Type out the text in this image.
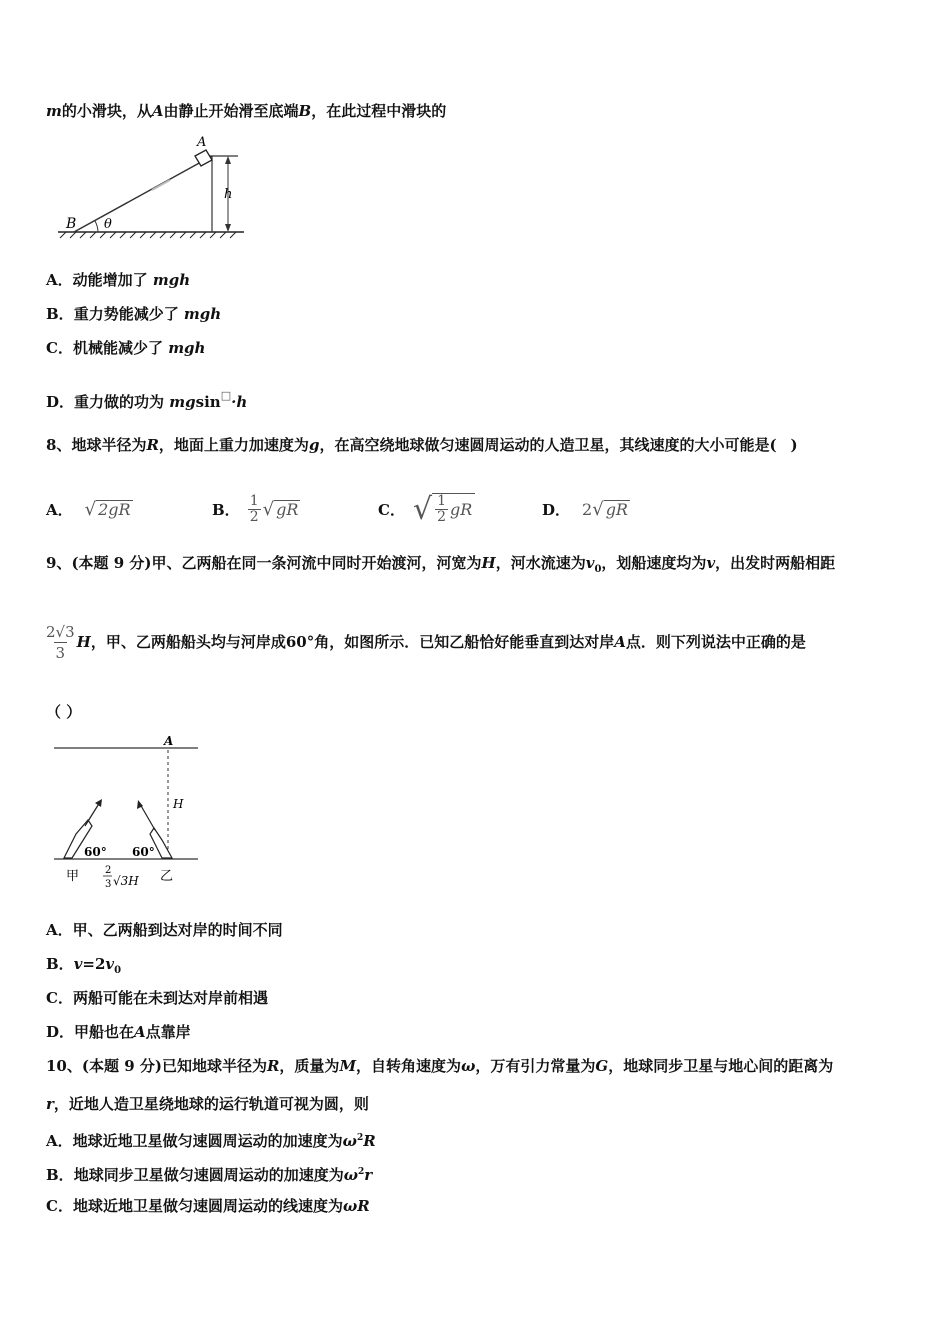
m的小滑块，从A由静止开始滑至底端B，在此过程中滑块的
A
B
h
θ
A．动能增加了 mgh
B．重力势能减少了 mgh
C．机械能减少了 mgh
D．重力做的功为 mgsin□·h
8、地球半径为R，地面上重力加速度为g，在高空绕地球做匀速圆周运动的人造卫星，其线速度的大小可能是( )
A． √ 2gR	B． $\frac{1}{2}$ √ gR	C． √ $\frac{1}{2}$ gR	D． 2 √ gR
9、(本题 9 分)甲、乙两船在同一条河流中同时开始渡河，河宽为H，河水流速为$v_0$，划船速度均为v，出发时两船相距
$\frac{2√3}{3}$ H ，甲、乙两船船头均与河岸成 60° 角，如图所示．已知乙船恰好能垂直到达对岸 A 点．则下列说法中正确的是
（ ）
A
H
60° 60°
甲	乙
2
3 √3H
A．甲、乙两船到达对岸的时间不同
B．$v=2v_0$
C．两船可能在未到达对岸前相遇
D．甲船也在A点靠岸
10、(本题 9 分)已知地球半径为R，质量为M，自转角速度为ω，万有引力常量为G，地球同步卫星与地心间的距离为
r，近地人造卫星绕地球的运行轨道可视为圆，则
A．地球近地卫星做匀速圆周运动的加速度为$\omega^2R$
B．地球同步卫星做匀速圆周运动的加速度为$\omega^2r$
C．地球近地卫星做匀速圆周运动的线速度为ωR
